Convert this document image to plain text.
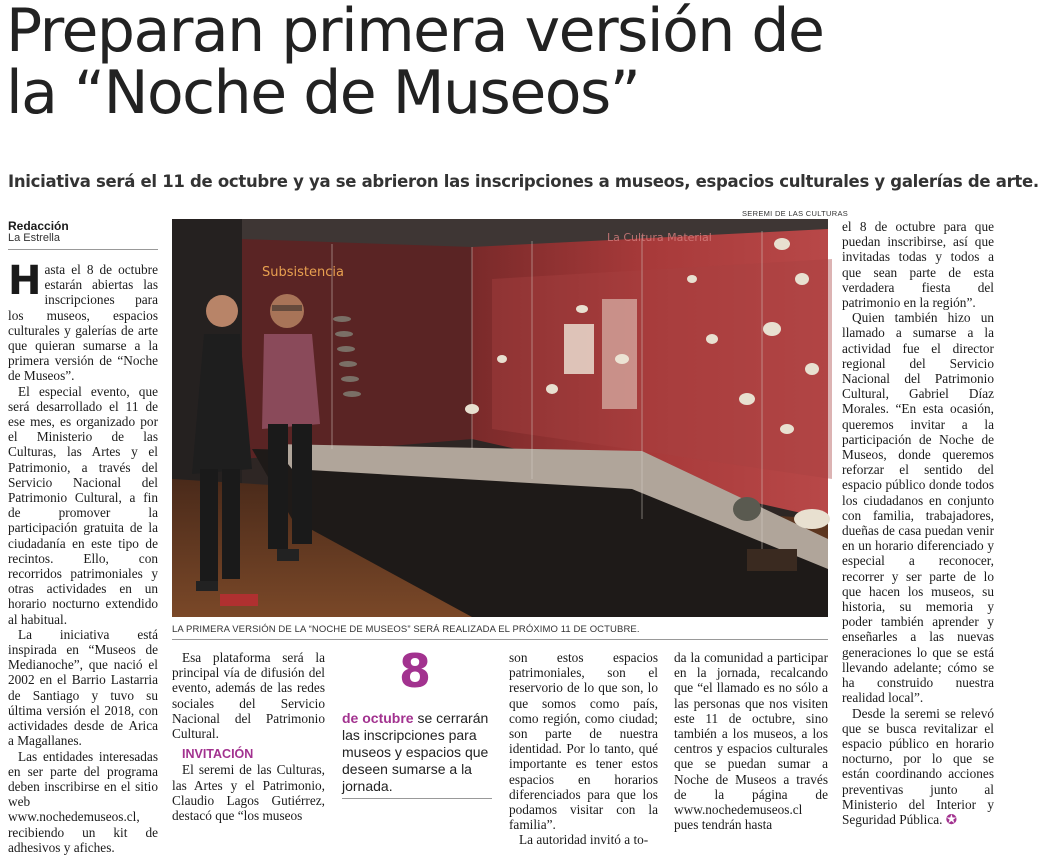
Preparan primera versión de
la “Noche de Museos”
Iniciativa será el 11 de octubre y ya se abrieron las inscripciones a museos, espacios culturales y galerías de arte.
Redacción
La Estrella

Hasta el 8 de octubre estarán abiertas las inscripciones para los museos, espacios culturales y galerías de arte que quieran sumarse a la primera versión de “Noche de Museos”.

El especial evento, que será desarrollado el 11 de ese mes, es organizado por el Ministerio de las Culturas, las Artes y el Patrimonio, a través del Servicio Nacional del Patrimonio Cultural, a fin de promover la participación gratuita de la ciudadanía en este tipo de recintos. Ello, con recorridos patrimoniales y otras actividades en un horario nocturno extendido al habitual.

La iniciativa está inspirada en “Museos de Medianoche”, que nació el 2002 en el Barrio Lastarria de Santiago y tuvo su última versión el 2018, con actividades desde de Arica a Magallanes.

Las entidades interesadas en ser parte del programa deben inscribirse en el sitio web www.nochedemuseos.cl, recibiendo un kit de adhesivos y afiches.

SEREMI DE LAS CULTURAS
Subsistencia
La Cultura Material
LA PRIMERA VERSIÓN DE LA “NOCHE DE MUSEOS” SERÁ REALIZADA EL PRÓXIMO 11 DE OCTUBRE.

Esa plataforma será la principal vía de difusión del evento, además de las redes sociales del Servicio Nacional del Patrimonio Cultural.

INVITACIÓN

El seremi de las Culturas, las Artes y el Patrimonio, Claudio Lagos Gutiérrez, destacó que “los museos

8
de octubre se cerrarán las inscripciones para museos y espacios que deseen sumarse a la jornada.

son estos espacios patrimoniales, son el reservorio de lo que son, lo que somos como país, como región, como ciudad; son parte de nuestra identidad. Por lo tanto, qué importante es tener estos espacios en horarios diferenciados para que los podamos visitar con la familia”.

La autoridad invitó a to-

da la comunidad a participar en la jornada, recalcando que “el llamado es no sólo a las personas que nos visiten este 11 de octubre, sino también a los museos, a los centros y espacios culturales que se puedan sumar a Noche de Museos a través de la página de www.nochedemuseos.cl pues tendrán hasta

el 8 de octubre para que puedan inscribirse, así que invitadas todas y todos a que sean parte de esta verdadera fiesta del patrimonio en la región”.

Quien también hizo un llamado a sumarse a la actividad fue el director regional del Servicio Nacional del Patrimonio Cultural, Gabriel Díaz Morales. “En esta ocasión, queremos invitar a la participación de Noche de Museos, donde queremos reforzar el sentido del espacio público donde todos los ciudadanos en conjunto con familia, trabajadores, dueñas de casa puedan venir en un horario diferenciado y especial a reconocer, recorrer y ser parte de lo que hacen los museos, su historia, su memoria y poder también aprender y enseñarles a las nuevas generaciones lo que se está llevando adelante; cómo se ha construido nuestra realidad local”.

Desde la seremi se relevó que se busca revitalizar el espacio público en horario nocturno, por lo que se están coordinando acciones preventivas junto al Ministerio del Interior y Seguridad Pública. ✪
